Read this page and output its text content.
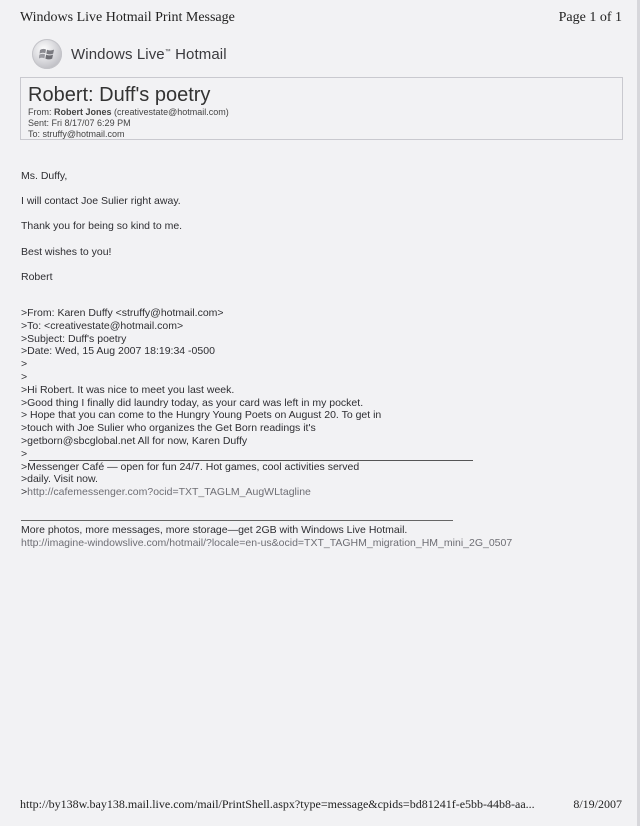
Windows Live Hotmail Print Message	Page 1 of 1
Windows Live™ Hotmail
Robert: Duff's poetry
From: Robert Jones (creativestate@hotmail.com)
Sent: Fri 8/17/07 6:29 PM
To: struffy@hotmail.com
Ms. Duffy,
I will contact Joe Sulier right away.
Thank you for being so kind to me.
Best wishes to you!
Robert
>From: Karen Duffy <struffy@hotmail.com>
>To: <creativestate@hotmail.com>
>Subject: Duff's poetry
>Date: Wed, 15 Aug 2007 18:19:34 -0500
>
>
>Hi Robert. It was nice to meet you last week.
>Good thing I finally did laundry today, as your card was left in my pocket.
> Hope that you can come to the Hungry Young Poets on August 20. To get in
>touch with Joe Sulier who organizes the Get Born readings it's
>getborn@sbcglobal.net All for now, Karen Duffy
>
>Messenger Café — open for fun 24/7. Hot games, cool activities served
>daily. Visit now.
>http://cafemessenger.com?ocid=TXT_TAGLM_AugWLtagline
More photos, more messages, more storage—get 2GB with Windows Live Hotmail.
http://imagine-windowslive.com/hotmail/?locale=en-us&ocid=TXT_TAGHM_migration_HM_mini_2G_0507
http://by138w.bay138.mail.live.com/mail/PrintShell.aspx?type=message&cpids=bd81241f-e5bb-44b8-aa...	8/19/2007
